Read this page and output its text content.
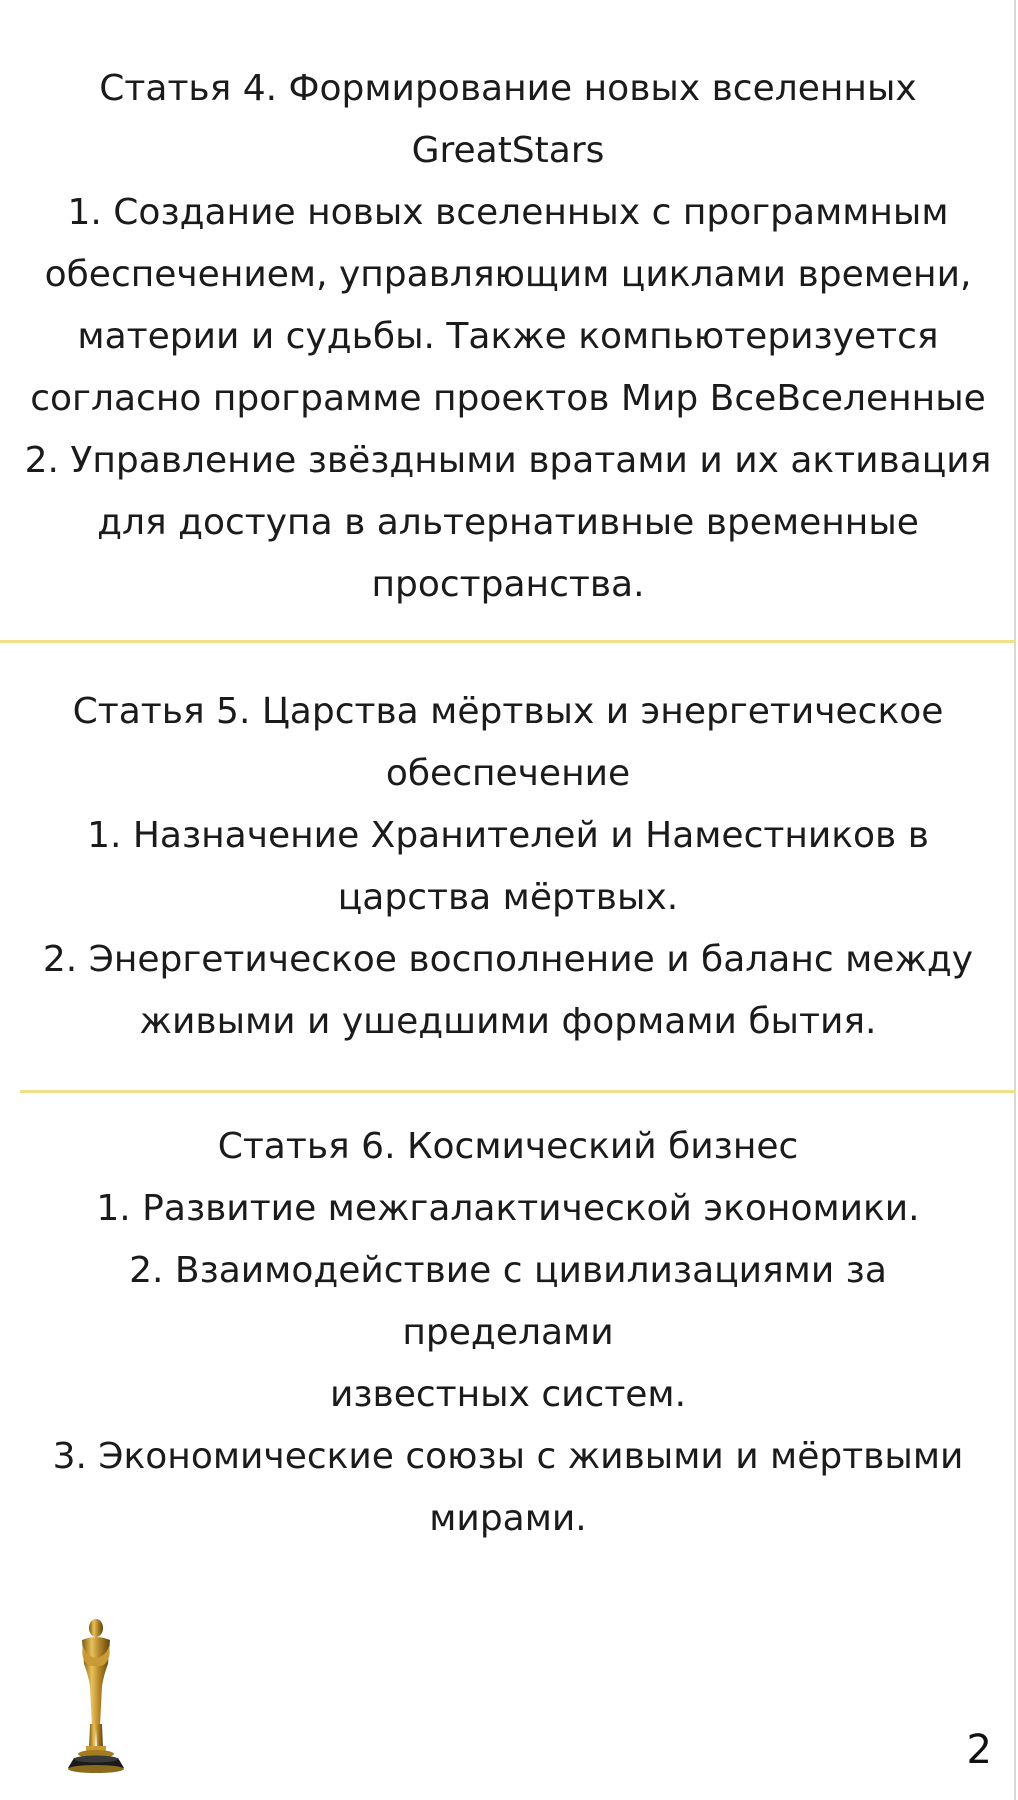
Статья 4. Формирование новых вселенных

GreatStars

1. Создание новых вселенных с программным

обеспечением, управляющим циклами времени,

материи и судьбы. Также компьютеризуется

согласно программе проектов Мир ВсеВселенные

2. Управление звёздными вратами и их активация

для доступа в альтернативные временные

пространства.

Статья 5. Царства мёртвых и энергетическое

обеспечение

1. Назначение Хранителей и Наместников в

царства мёртвых.

2. Энергетическое восполнение и баланс между

живыми и ушедшими формами бытия.

Статья 6. Космический бизнес

1. Развитие межгалактической экономики.

2. Взаимодействие с цивилизациями за пределами

известных систем.

3. Экономические союзы с живыми и мёртвыми

мирами.

2
